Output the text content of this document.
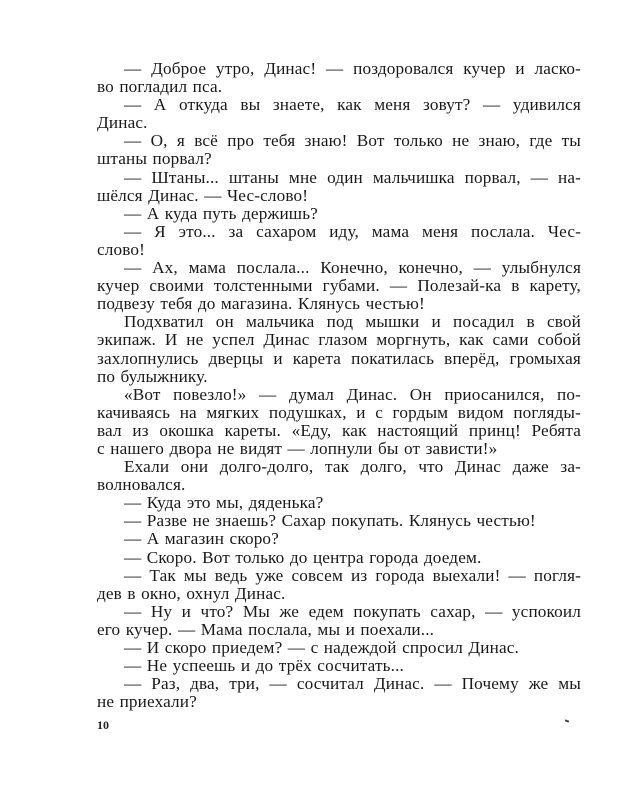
— Доброе утро, Динас! — поздоровался кучер и ласко-
во погладил пса.
— А откуда вы знаете, как меня зовут? — удивился
Динас.
— О, я всё про тебя знаю! Вот только не знаю, где ты
штаны порвал?
— Штаны... штаны мне один мальчишка порвал, — на-
шёлся Динас. — Чес-слово!
— А куда путь держишь?
— Я это... за сахаром иду, мама меня послала. Чес-
слово!
— Ах, мама послала... Конечно, конечно, — улыбнулся
кучер своими толстенными губами. — Полезай-ка в карету,
подвезу тебя до магазина. Клянусь честью!
Подхватил он мальчика под мышки и посадил в свой
экипаж. И не успел Динас глазом моргнуть, как сами собой
захлопнулись дверцы и карета покатилась вперёд, громыхая
по булыжнику.
«Вот повезло!» — думал Динас. Он приосанился, по-
качиваясь на мягких подушках, и с гордым видом погляды-
вал из окошка кареты. «Еду, как настоящий принц! Ребята
с нашего двора не видят — лопнули бы от зависти!»
Ехали они долго-долго, так долго, что Динас даже за-
волновался.
— Куда это мы, дяденька?
— Разве не знаешь? Сахар покупать. Клянусь честью!
— А магазин скоро?
— Скоро. Вот только до центра города доедем.
— Так мы ведь уже совсем из города выехали! — погля-
дев в окно, охнул Динас.
— Ну и что? Мы же едем покупать сахар, — успокоил
его кучер. — Мама послала, мы и поехали...
— И скоро приедем? — с надеждой спросил Динас.
— Не успеешь и до трёх сосчитать...
— Раз, два, три, — сосчитал Динас. — Почему же мы
не приехали?
10
